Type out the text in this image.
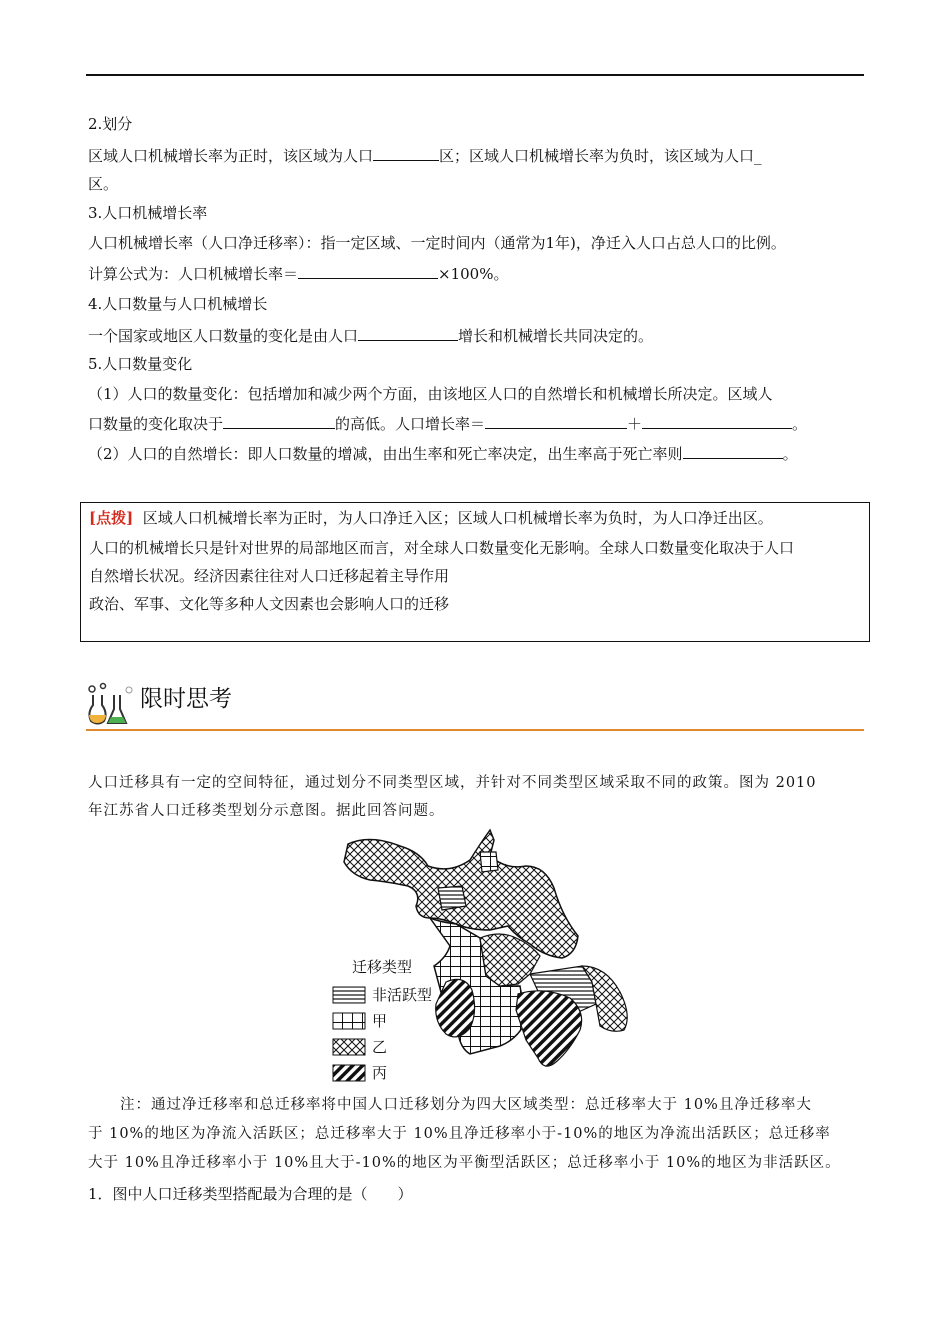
2.划分
区域人口机械增长率为正时，该区域为人口	区；区域人口机械增长率为负时，该区域为人口_
区。
3.人口机械增长率
人口机械增长率（人口净迁移率）：指一定区域、一定时间内（通常为1年)，净迁入人口占总人口的比例。
计算公式为：人口机械增长率＝	×100%。
4.人口数量与人口机械增长
一个国家或地区人口数量的变化是由人口	增长和机械增长共同决定的。
5.人口数量变化
（1）人口的数量变化：包括增加和减少两个方面，由该地区人口的自然增长和机械增长所决定。区域人
口数量的变化取决于	的高低。人口增长率＝	＋	。
（2）人口的自然增长：即人口数量的增减，由出生率和死亡率决定，出生率高于死亡率则	。
[点拨] 区域人口机械增长率为正时，为人口净迁入区；区域人口机械增长率为负时，为人口净迁出区。
人口的机械增长只是针对世界的局部地区而言，对全球人口数量变化无影响。全球人口数量变化取决于人口
自然增长状况。经济因素往往对人口迁移起着主导作用
政治、军事、文化等多种人文因素也会影响人口的迁移
限时思考
人口迁移具有一定的空间特征，通过划分不同类型区域，并针对不同类型区域采取不同的政策。图为 2010
年江苏省人口迁移类型划分示意图。据此回答问题。
迁移类型
非活跃型
甲
乙
丙
注：通过净迁移率和总迁移率将中国人口迁移划分为四大区域类型：总迁移率大于 10%且净迁移率大
于 10%的地区为净流入活跃区；总迁移率大于 10%且净迁移率小于-10%的地区为净流出活跃区；总迁移率
大于 10%且净迁移率小于 10%且大于-10%的地区为平衡型活跃区；总迁移率小于 10%的地区为非活跃区。
1．图中人口迁移类型搭配最为合理的是（　　）
